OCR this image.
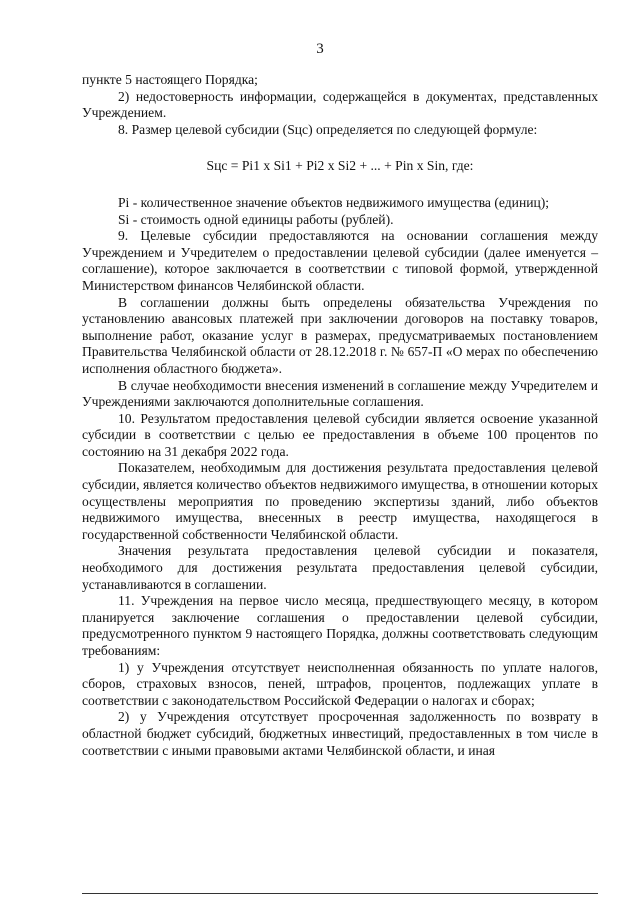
3

пункте 5 настоящего Порядка;

2) недостоверность информации, содержащейся в документах, представленных Учреждением.

8. Размер целевой субсидии (Sцс) определяется по следующей формуле:

Sцс = Pi1 x Si1 + Pi2 x Si2 + ... + Pin x Sin, где:

Pi - количественное значение объектов недвижимого имущества (единиц);

Si - стоимость одной единицы работы (рублей).

9. Целевые субсидии предоставляются на основании соглашения между Учреждением и Учредителем о предоставлении целевой субсидии (далее именуется – соглашение), которое заключается в соответствии с типовой формой, утвержденной Министерством финансов Челябинской области.

В соглашении должны быть определены обязательства Учреждения по установлению авансовых платежей при заключении договоров на поставку товаров, выполнение работ, оказание услуг в размерах, предусматриваемых постановлением Правительства Челябинской области от 28.12.2018 г. № 657-П «О мерах по обеспечению исполнения областного бюджета».

В случае необходимости внесения изменений в соглашение между Учредителем и Учреждениями заключаются дополнительные соглашения.

10. Результатом предоставления целевой субсидии является освоение указанной субсидии в соответствии с целью ее предоставления в объеме 100 процентов по состоянию на 31 декабря 2022 года.

Показателем, необходимым для достижения результата предоставления целевой субсидии, является количество объектов недвижимого имущества, в отношении которых осуществлены мероприятия по проведению экспертизы зданий, либо объектов недвижимого имущества, внесенных в реестр имущества, находящегося в государственной собственности Челябинской области.

Значения результата предоставления целевой субсидии и показателя, необходимого для достижения результата предоставления целевой субсидии, устанавливаются в соглашении.

11. Учреждения на первое число месяца, предшествующего месяцу, в котором планируется заключение соглашения о предоставлении целевой субсидии, предусмотренного пунктом 9 настоящего Порядка, должны соответствовать следующим требованиям:

1) у Учреждения отсутствует неисполненная обязанность по уплате налогов, сборов, страховых взносов, пеней, штрафов, процентов, подлежащих уплате в соответствии с законодательством Российской Федерации о налогах и сборах;

2) у Учреждения отсутствует просроченная задолженность по возврату в областной бюджет субсидий, бюджетных инвестиций, предоставленных в том числе в соответствии с иными правовыми актами Челябинской области, и иная
